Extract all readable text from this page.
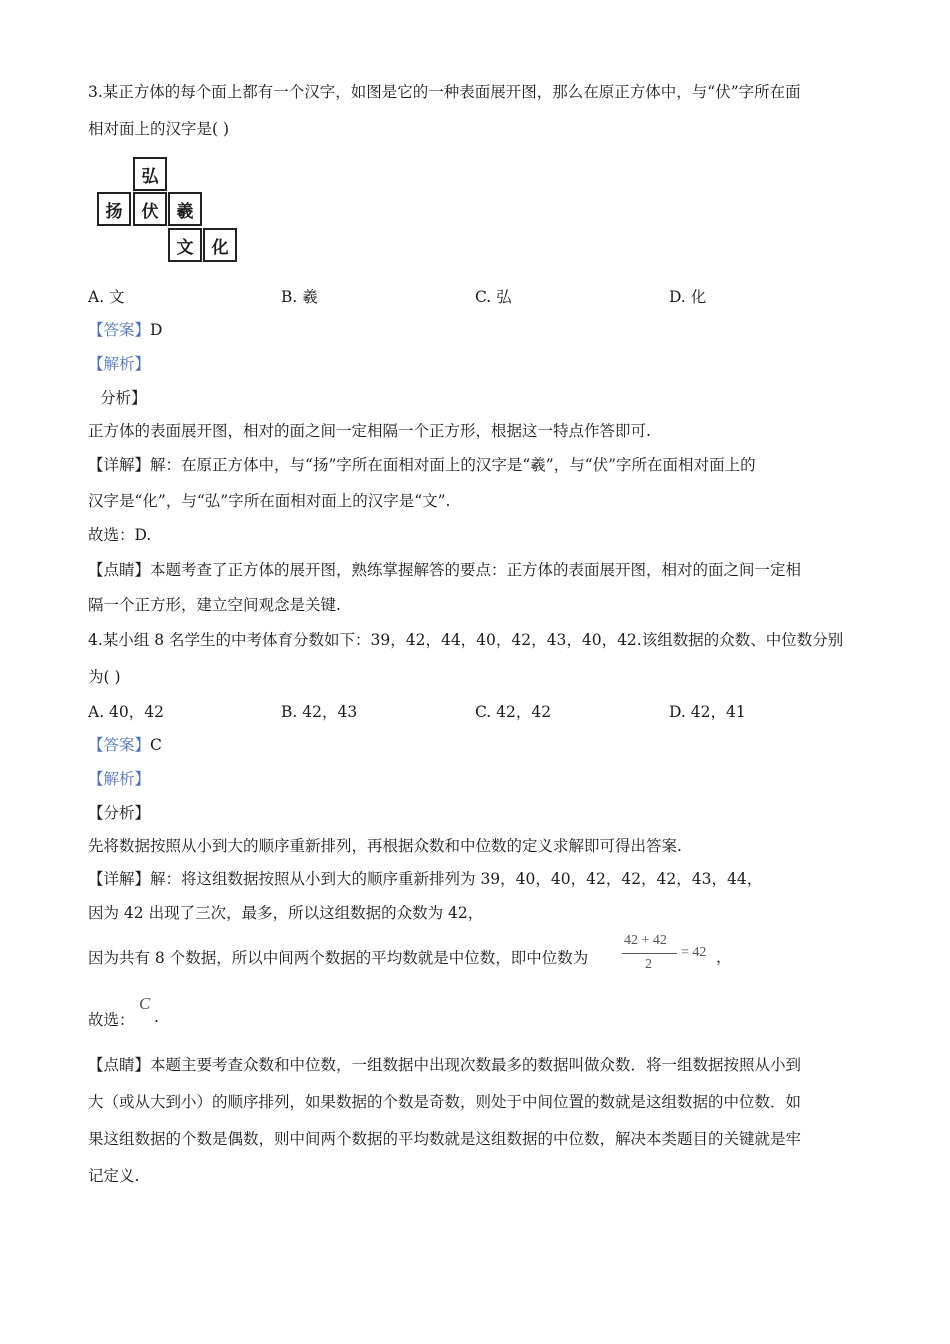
3.某正方体的每个面上都有一个汉字，如图是它的一种表面展开图，那么在原正方体中，与“伏”字所在面
相对面上的汉字是( )
弘
扬	伏	羲
文	化
A. 文	B. 羲	C. 弘	D. 化
【答案】D
【解析】
分析】
正方体的表面展开图，相对的面之间一定相隔一个正方形，根据这一特点作答即可.
【详解】解：在原正方体中，与“扬”字所在面相对面上的汉字是“羲”，与“伏”字所在面相对面上的
汉字是“化”，与“弘”字所在面相对面上的汉字是“文”.
故选：D.
【点睛】本题考查了正方体的展开图，熟练掌握解答的要点：正方体的表面展开图，相对的面之间一定相
隔一个正方形，建立空间观念是关键.
4.某小组 8 名学生的中考体育分数如下：39，42，44，40，42，43，40，42.该组数据的众数、中位数分别
为( )
A. 40，42	B. 42，43	C. 42，42	D. 42，41
【答案】C
【解析】
【分析】
先将数据按照从小到大的顺序重新排列，再根据众数和中位数的定义求解即可得出答案.
【详解】解：将这组数据按照从小到大的顺序重新排列为 39，40，40，42，42，42，43，44，
因为 42 出现了三次，最多，所以这组数据的众数为 42，
因为共有 8 个数据，所以中间两个数据的平均数就是中位数，即中位数为
42 + 42
2
= 42 ，
故选：
C
.
【点睛】本题主要考查众数和中位数，一组数据中出现次数最多的数据叫做众数．将一组数据按照从小到
大（或从大到小）的顺序排列，如果数据的个数是奇数，则处于中间位置的数就是这组数据的中位数．如
果这组数据的个数是偶数，则中间两个数据的平均数就是这组数据的中位数，解决本类题目的关键就是牢
记定义.
